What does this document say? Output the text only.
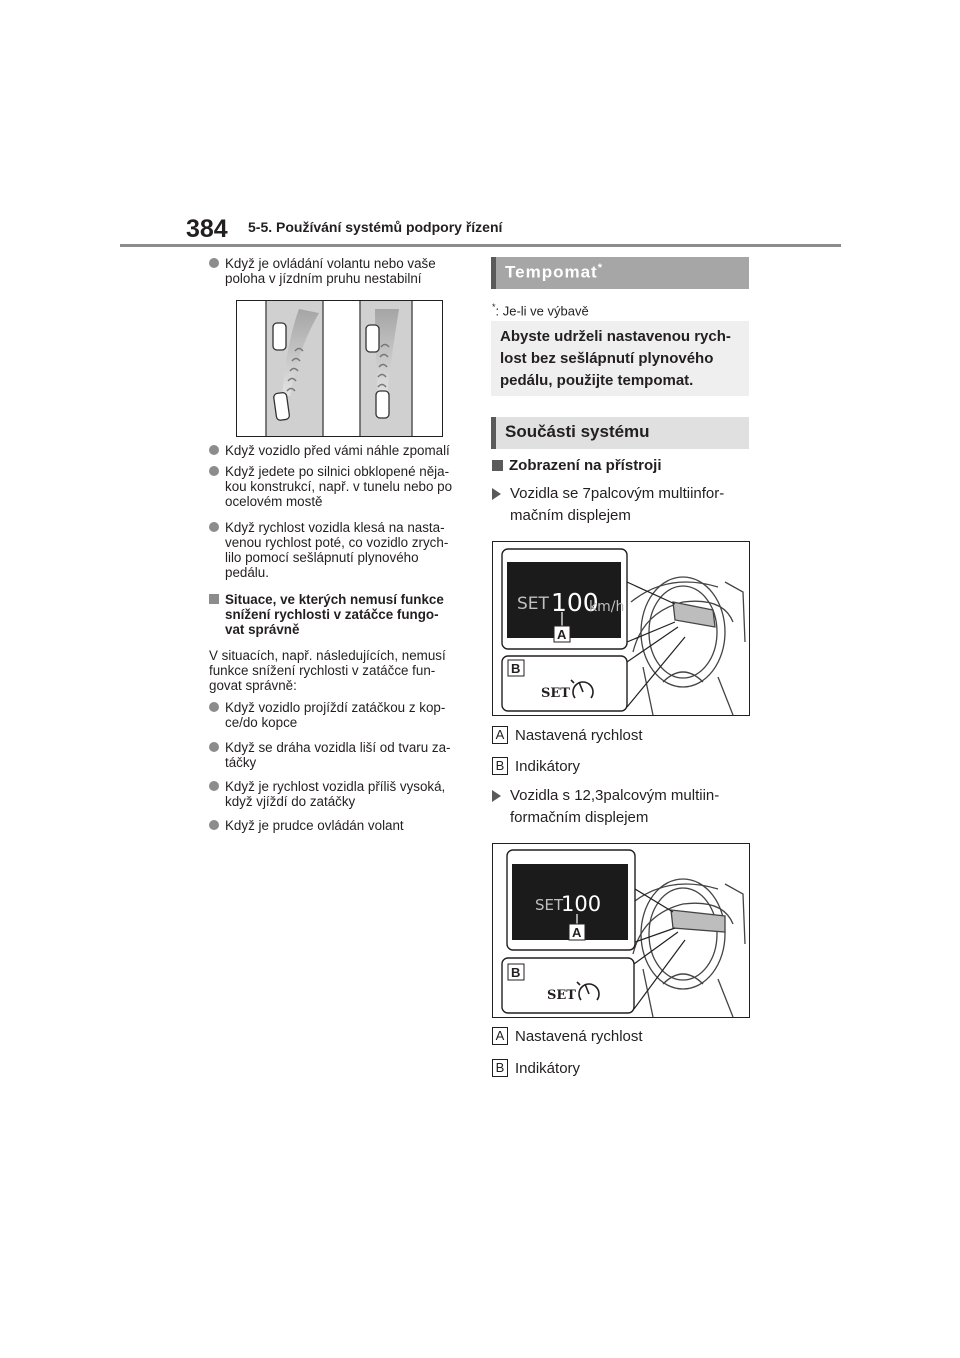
384 5-5. Používání systémů podpory řízení
Když je ovládání volantu nebo vaše
poloha v jízdním pruhu nestabilní
Když vozidlo před vámi náhle zpomalí
Když jedete po silnici obklopené něja-
kou konstrukcí, např. v tunelu nebo po
ocelovém mostě
Když rychlost vozidla klesá na nasta-
venou rychlost poté, co vozidlo zrych-
lilo pomocí sešlápnutí plynového
pedálu.
Situace, ve kterých nemusí funkce
snížení rychlosti v zatáčce fungo-
vat správně
V situacích, např. následujících, nemusí
funkce snížení rychlosti v zatáčce fun-
govat správně:
Když vozidlo projíždí zatáčkou z kop-
ce/do kopce
Když se dráha vozidla liší od tvaru za-
táčky
Když je rychlost vozidla příliš vysoká,
když vjíždí do zatáčky
Když je prudce ovládán volant
Tempomat*
*: Je-li ve výbavě
Abyste udrželi nastavenou rych-
lost bez sešlápnutí plynového
pedálu, použijte tempomat.
Součásti systému
Zobrazení na přístroji
Vozidla se 7palcovým multiinfor-
mačním displejem
SET 100
km/h
A
B
SET
A Nastavená rychlost
B Indikátory
Vozidla s 12,3palcovým multiin-
formačním displejem
SET
100
A
B
SET
A Nastavená rychlost
B Indikátory
